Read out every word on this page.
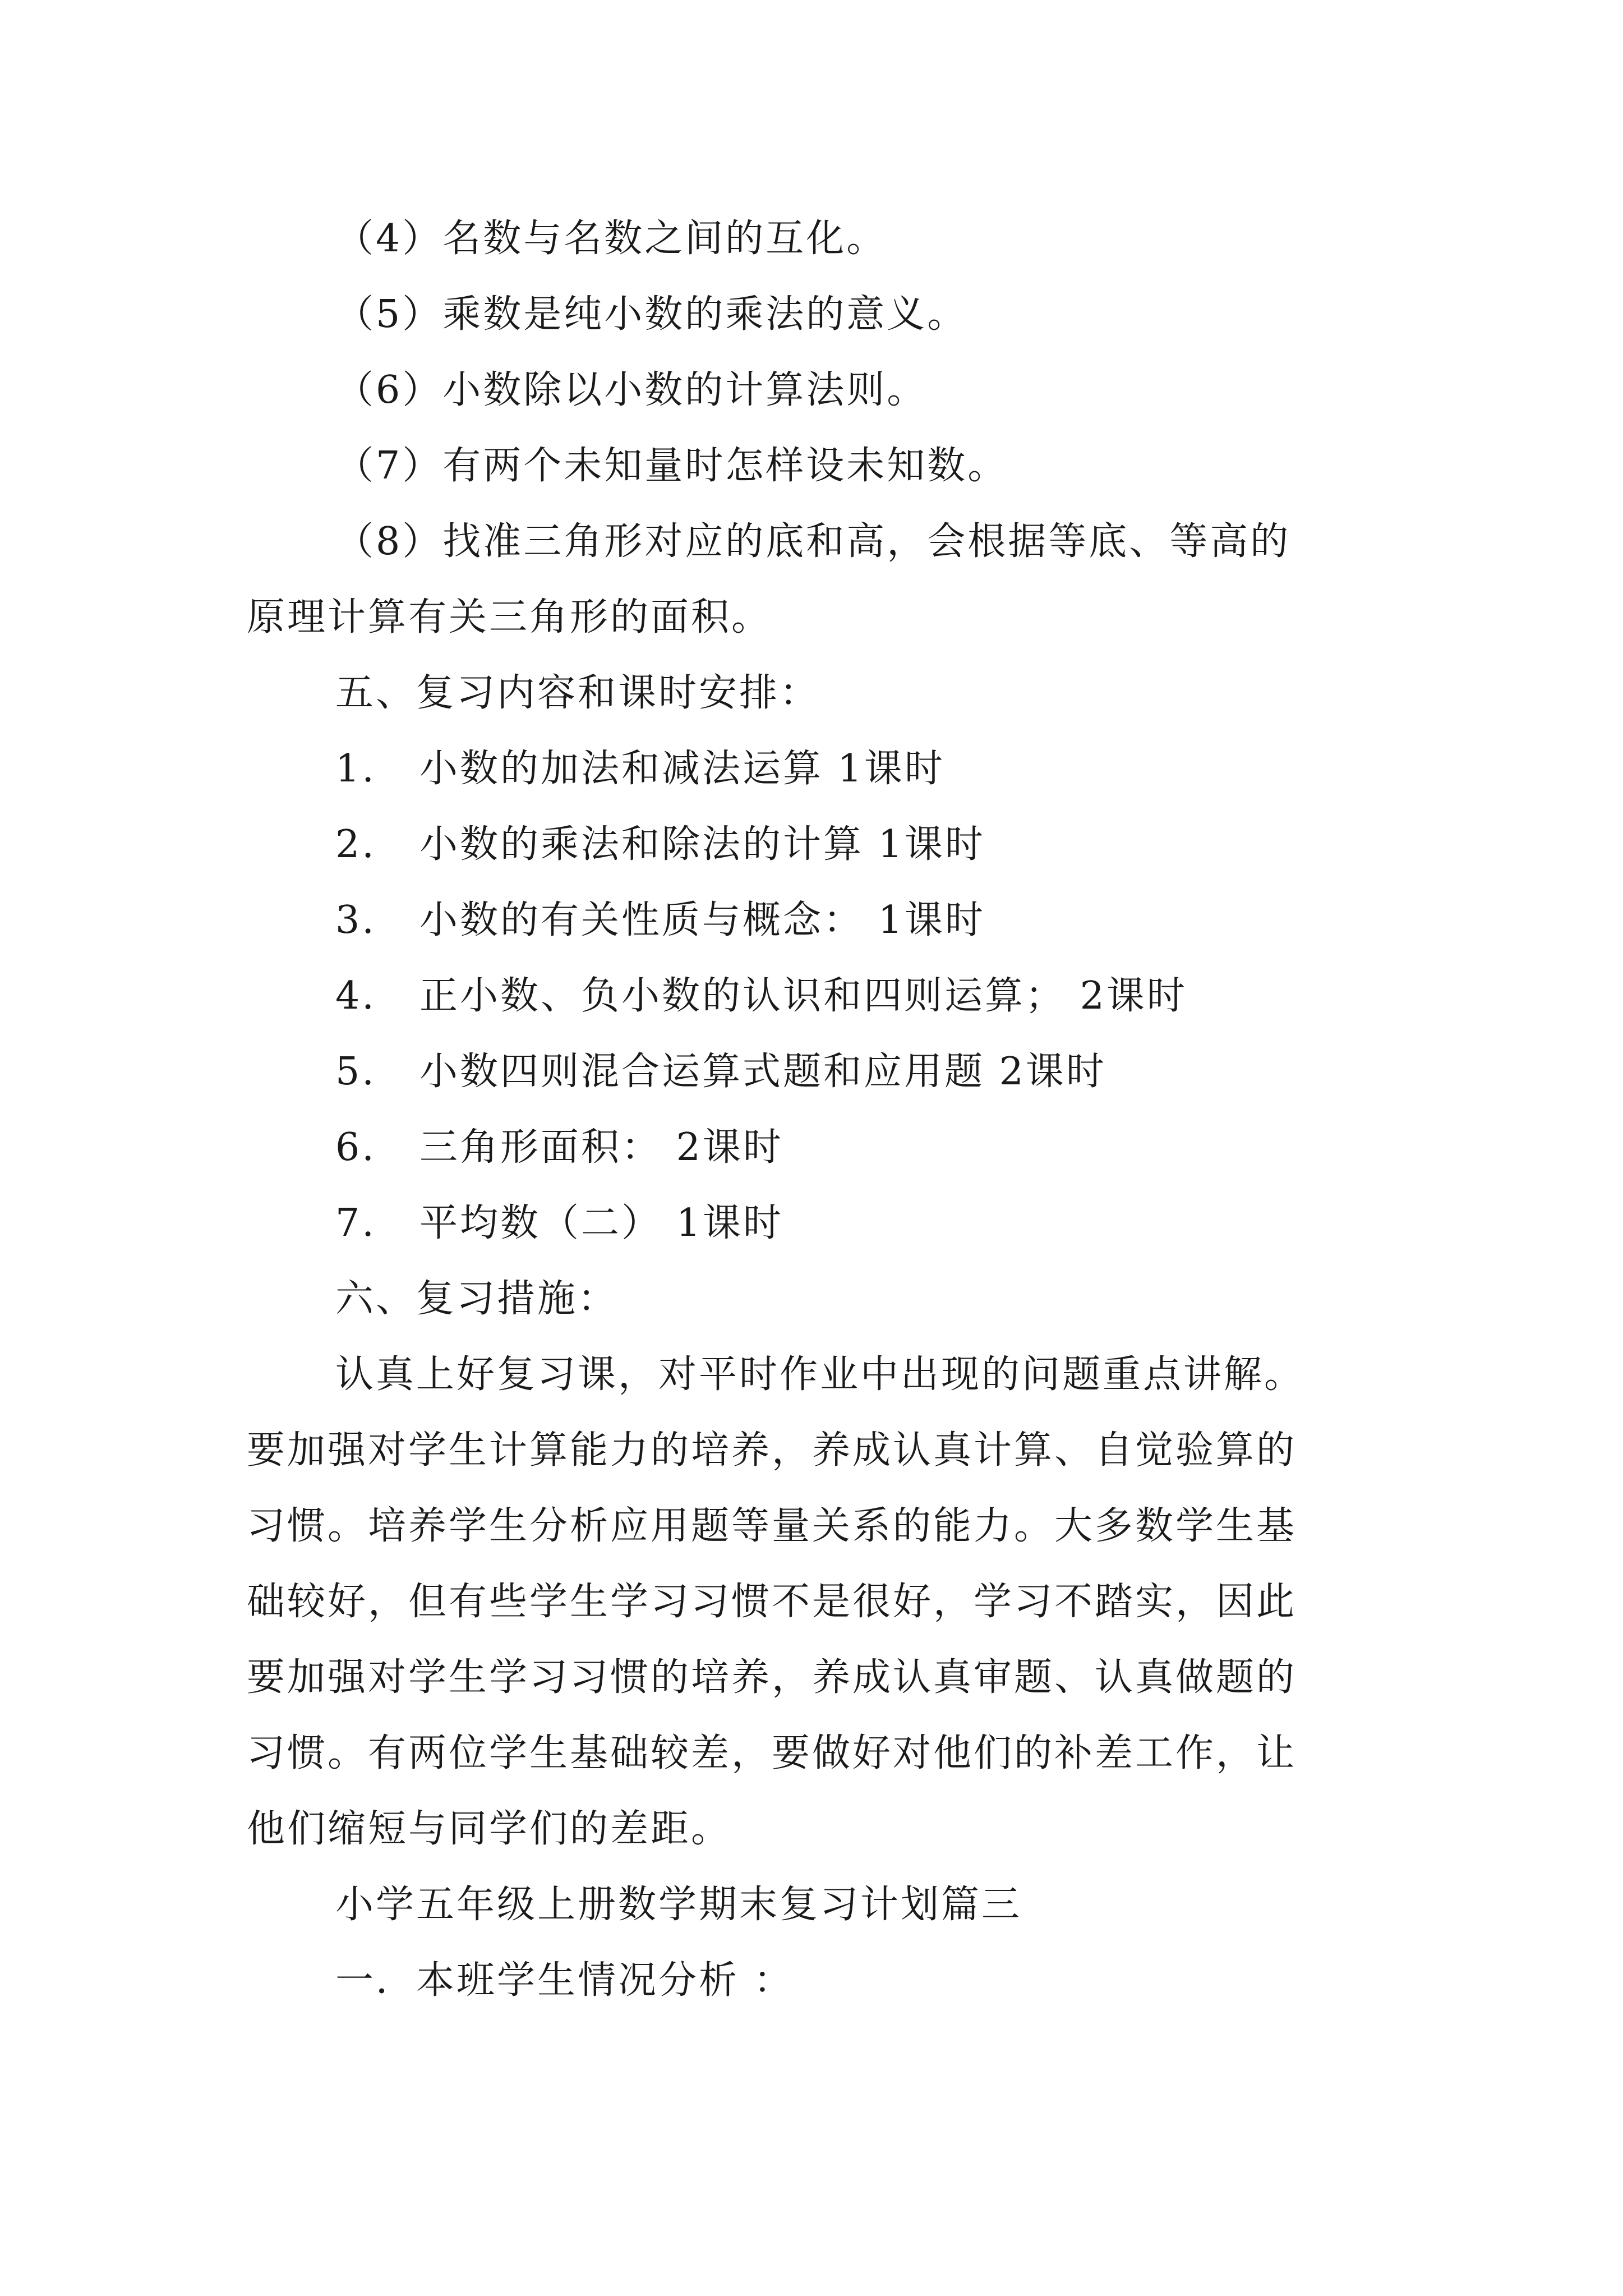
（4）名数与名数之间的互化。

（5）乘数是纯小数的乘法的意义。

（6）小数除以小数的计算法则。

（7）有两个未知量时怎样设未知数。

（8）找准三角形对应的底和高，会根据等底、等高的

原理计算有关三角形的面积。

五、复习内容和课时安排：

1. 小数的加法和减法运算 1课时

2. 小数的乘法和除法的计算 1课时

3. 小数的有关性质与概念： 1课时

4. 正小数、负小数的认识和四则运算； 2课时

5. 小数四则混合运算式题和应用题 2课时

6. 三角形面积： 2课时

7. 平均数（二） 1课时

六、复习措施：

认真上好复习课，对平时作业中出现的问题重点讲解。

要加强对学生计算能力的培养，养成认真计算、自觉验算的

习惯。培养学生分析应用题等量关系的能力。大多数学生基

础较好，但有些学生学习习惯不是很好，学习不踏实，因此

要加强对学生学习习惯的培养，养成认真审题、认真做题的

习惯。有两位学生基础较差，要做好对他们的补差工作，让

他们缩短与同学们的差距。

小学五年级上册数学期末复习计划篇三

一．本班学生情况分析 ：
